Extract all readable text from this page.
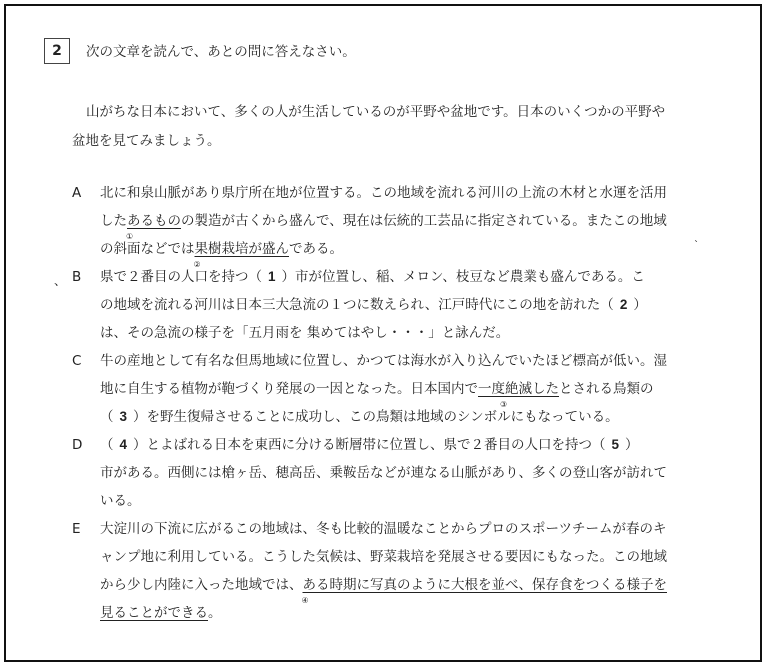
2	次の文章を読んで、あとの問に答えなさい。
山がちな日本において、多くの人が生活しているのが平野や盆地です。日本のいくつかの平野や
盆地を見てみましょう。
、
`
A	北に和泉山脈があり県庁所在地が位置する。この地域を流れる河川の上流の木材と水運を活用
したあるもの
①
の製造が古くから盛んで、現在は伝統的工芸品に指定されている。またこの地域
の斜面などでは果樹栽培が盛ん
②
である。
B	県で２番目の人口を持つ（ 1 ）市が位置し、稲、メロン、枝豆など農業も盛んである。こ
の地域を流れる河川は日本三大急流の１つに数えられ、江戸時代にこの地を訪れた（ 2 ）
は、その急流の様子を「五月雨を 集めてはやし・・・」と詠んだ。
C	牛の産地として有名な但馬地域に位置し、かつては海水が入り込んでいたほど標高が低い。湿
地に自生する植物が鞄づくり発展の一因となった。日本国内で一度絶滅した
③
とされる鳥類の
（ 3 ）を野生復帰させることに成功し、この鳥類は地域のシンボルにもなっている。
D	（ 4 ）とよばれる日本を東西に分ける断層帯に位置し、県で２番目の人口を持つ（ 5 ）
市がある。西側には槍ヶ岳、穂高岳、乗鞍岳などが連なる山脈があり、多くの登山客が訪れて
いる。
E	大淀川の下流に広がるこの地域は、冬も比較的温暖なことからプロのスポーツチームが春のキ
ャンプ地に利用している。こうした気候は、野菜栽培を発展させる要因にもなった。この地域
から少し内陸に入った地域では、ある時期に写真のように大根を並べ、保存食をつくる様子を
④
見ることができる。
